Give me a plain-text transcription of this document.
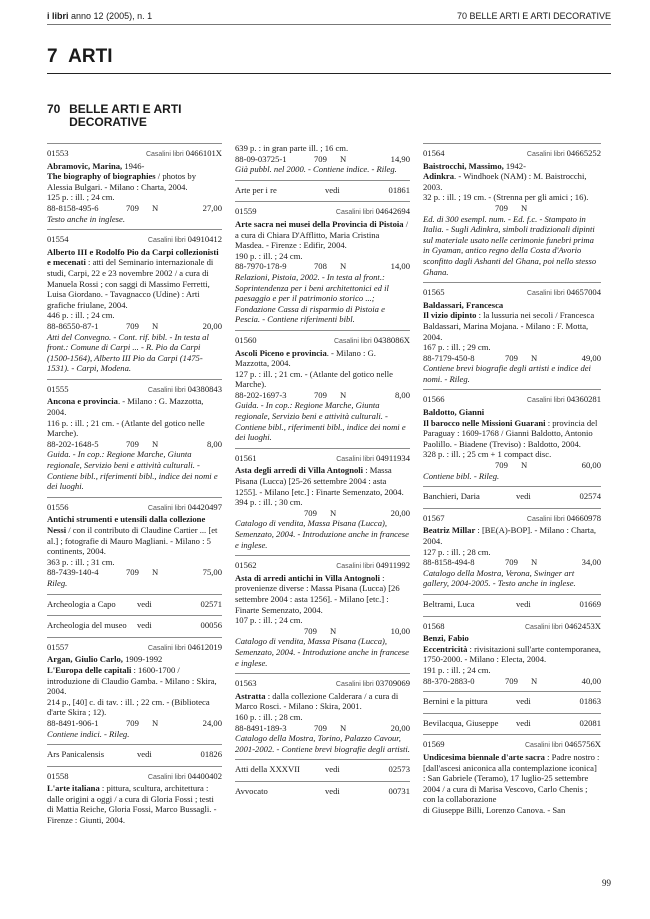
i libri anno 12 (2005), n. 1	70 BELLE ARTI E ARTI DECORATIVE
7 ARTI
70 BELLE ARTI E ARTI DECORATIVE
01553	Casalini libri 0466101X
Abramovic, Marina, 1946-
The biography of biographies / photos by Alessia Bulgari. - Milano : Charta, 2004.
125 p. : ill. ; 24 cm.
88-8158-495-6	709	N	27,00
Testo anche in inglese.
01554	Casalini libri 04910412
Alberto III e Rodolfo Pio da Carpi collezionisti e mecenati : atti del Seminario internazionale di studi, Carpi, 22 e 23 novembre 2002 / a cura di Manuela Rossi ; con saggi di Massimo Ferretti, Luisa Giordano. - Tavagnacco (Udine) : Arti grafiche friulane, 2004.
446 p. : ill. ; 24 cm.
88-86550-87-1	709	N	20,00
Atti del Convegno. - Cont. rif. bibl. - In testa al front.: Comune di Carpi ... - R. Pio da Carpi (1500-1564), Alberto III Pio da Carpi (1475-1531). - Carpi, Modena.
01555	Casalini libri 04380843
Ancona e provincia. - Milano : G. Mazzotta, 2004.
116 p. : ill. ; 21 cm. - (Atlante del gotico nelle Marche).
88-202-1648-5	709	N	8,00
Guida. - In cop.: Regione Marche, Giunta regionale, Servizio beni e attività culturali. - Contiene bibl., riferimenti bibl., indice dei nomi e dei luoghi.
01556	Casalini libri 04420497
Antichi strumenti e utensili dalla collezione Nessi / con il contributo di Claudine Cartier ... [et al.] ; fotografie di Mauro Magliani. - Milano : 5 continents, 2004.
363 p. : ill. ; 31 cm.
88-7439-140-4	709	N	75,00
Rileg.
Archeologia a Capo	vedi	02571
Archeologia del museo	vedi	00056
01557	Casalini libri 04612019
Argan, Giulio Carlo, 1909-1992
L'Europa delle capitali : 1600-1700 / introduzione di Claudio Gamba. - Milano : Skira, 2004.
214 p., [40] c. di tav. : ill. ; 22 cm. - (Biblioteca d'arte Skira ; 12).
88-8491-906-1	709	N	24,00
Contiene indici. - Rileg.
Ars Panicalensis	vedi	01826
01558	Casalini libri 04400402
L'arte italiana : pittura, scultura, architettura : dalle origini a oggi / a cura di Gloria Fossi ; testi di Mattia Reiche, Gloria Fossi, Marco Bussagli. - Firenze : Giunti, 2004.
639 p. : in gran parte ill. ; 16 cm.
88-09-03725-1	709	N	14,90
Già pubbl. nel 2000. - Contiene indice. - Rileg.
Arte per i re	vedi	01861
01559	Casalini libri 04642694
Arte sacra nei musei della Provincia di Pistoia / a cura di Chiara D'Afflitto, Maria Cristina Masdea. - Firenze : Edifir, 2004.
190 p. : ill. ; 24 cm.
88-7970-178-9	708	N	14,00
Relazioni, Pistoia, 2002. - In testa al front.: Soprintendenza per i beni architettonici ed il paesaggio e per il patrimonio storico ...; Fondazione Cassa di risparmio di Pistoia e Pescia. - Contiene riferimenti bibl.
01560	Casalini libri 0438086X
Ascoli Piceno e provincia. - Milano : G. Mazzotta, 2004.
127 p. : ill. ; 21 cm. - (Atlante del gotico nelle Marche).
88-202-1697-3	709	N	8,00
Guida. - In cop.: Regione Marche, Giunta regionale, Servizio beni e attività culturali. - Contiene bibl., riferimenti bibl., indice dei nomi e dei luoghi.
01561	Casalini libri 04911934
Asta degli arredi di Villa Antognoli : Massa Pisana (Lucca) [25-26 settembre 2004 : asta 1255]. - Milano [etc.] : Finarte Semenzato, 2004.
394 p. : ill. ; 30 cm.
709	N	20,00
Catalogo di vendita, Massa Pisana (Lucca), Semenzato, 2004. - Introduzione anche in francese e inglese.
01562	Casalini libri 04911992
Asta di arredi antichi in Villa Antognoli : provenienze diverse : Massa Pisana (Lucca) [26 settembre 2004 : asta 1256]. - Milano [etc.] : Finarte Semenzato, 2004.
107 p. : ill. ; 24 cm.
709	N	10,00
Catalogo di vendita, Massa Pisana (Lucca), Semenzato, 2004. - Introduzione anche in francese e inglese.
01563	Casalini libri 03709069
Astratta : dalla collezione Calderara / a cura di Marco Rosci. - Milano : Skira, 2001.
160 p. : ill. ; 28 cm.
88-8491-189-3	709	N	20,00
Catalogo della Mostra, Torino, Palazzo Cavour, 2001-2002. - Contiene brevi biografie degli artisti.
Atti della XXXVII	vedi	02573
Avvocato	vedi	00731
01564	Casalini libri 04665252
Baistrocchi, Massimo, 1942-
Adinkra. - Windhoek (NAM) : M. Baistrocchi, 2003.
32 p. : ill. ; 19 cm. - (Strenna per gli amici ; 16).
709	N
Ed. di 300 esempl. num. - Ed. f.c. - Stampato in Italia. - Sugli Adinkra, simboli tradizionali dipinti sul materiale usato nelle cerimonie funebri prima in Gyaman, antico regno della Costa d'Avorio sconfitto dagli Ashanti del Ghana, poi nello stesso Ghana.
01565	Casalini libri 04657004
Baldassari, Francesca
Il vizio dipinto : la lussuria nei secoli / Francesca Baldassari, Marina Mojana. - Milano : F. Motta, 2004.
167 p. : ill. ; 29 cm.
88-7179-450-8	709	N	49,00
Contiene brevi biografie degli artisti e indice dei nomi. - Rileg.
01566	Casalini libri 04360281
Baldotto, Gianni
Il barocco nelle Missioni Guarani : provincia del Paraguay : 1609-1768 / Gianni Baldotto, Antonio Paolillo. - Biadene (Treviso) : Baldotto, 2004.
328 p. : ill. ; 25 cm + 1 compact disc.
709	N	60,00
Contiene bibl. - Rileg.
Banchieri, Daria	vedi	02574
01567	Casalini libri 04660978
Beatriz Millar : [BE(A)-BOP]. - Milano : Charta, 2004.
127 p. : ill. ; 28 cm.
88-8158-494-8	709	N	34,00
Catalogo della Mostra, Verona, Swinger art gallery, 2004-2005. - Testo anche in inglese.
Beltrami, Luca	vedi	01669
01568	Casalini libri 0462453X
Benzi, Fabio
Eccentricità : rivisitazioni sull'arte contemporanea, 1750-2000. - Milano : Electa, 2004.
191 p. : ill. ; 24 cm.
88-370-2883-0	709	N	40,00
Bernini e la pittura	vedi	01863
Bevilacqua, Giuseppe	vedi	02081
01569	Casalini libri 0465756X
Undicesima biennale d'arte sacra : Padre nostro : [dall'ascesi aniconica alla contemplazione iconica] : San Gabriele (Teramo), 17 luglio-25 settembre 2004 / a cura di Marisa Vescovo, Carlo Chenis ; con la collaborazione
di Giuseppe Billi, Lorenzo Canova. - San
99
